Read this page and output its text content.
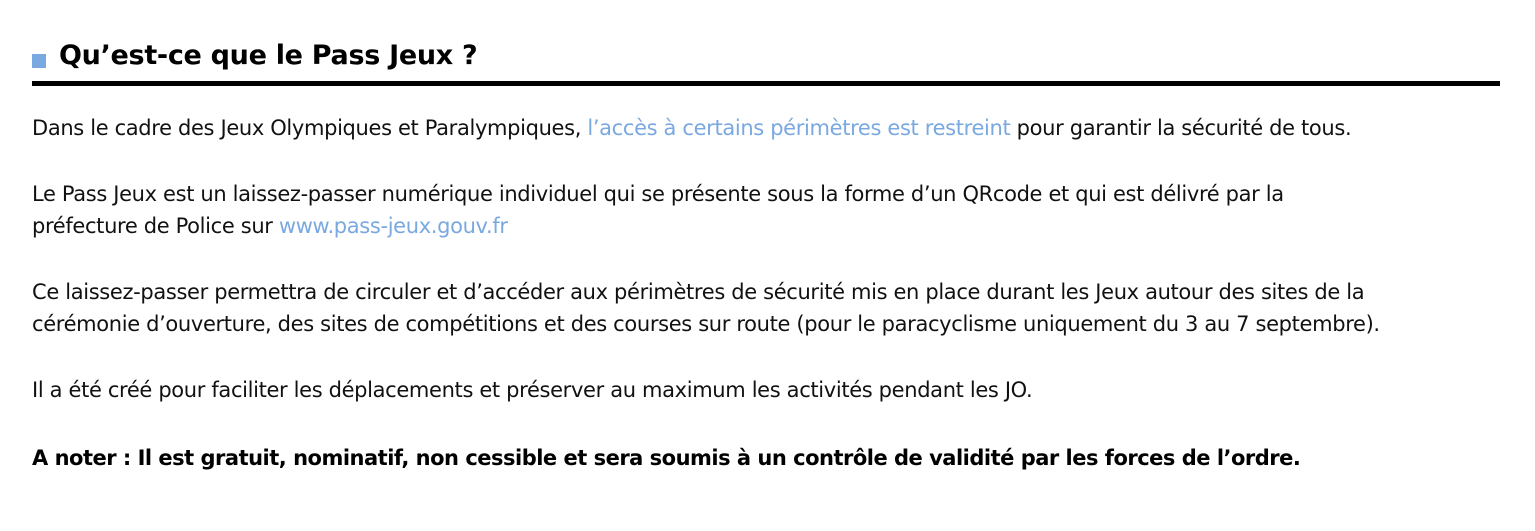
Qu’est-ce que le Pass Jeux ?

Dans le cadre des Jeux Olympiques et Paralympiques, l’accès à certains périmètres est restreint pour garantir la sécurité de tous.

Le Pass Jeux est un laissez-passer numérique individuel qui se présente sous la forme d’un QRcode et qui est délivré par la
préfecture de Police sur www.pass-jeux.gouv.fr

Ce laissez-passer permettra de circuler et d’accéder aux périmètres de sécurité mis en place durant les Jeux autour des sites de la
cérémonie d’ouverture, des sites de compétitions et des courses sur route (pour le paracyclisme uniquement du 3 au 7 septembre).

Il a été créé pour faciliter les déplacements et préserver au maximum les activités pendant les JO.

A noter : Il est gratuit, nominatif, non cessible et sera soumis à un contrôle de validité par les forces de l’ordre.
